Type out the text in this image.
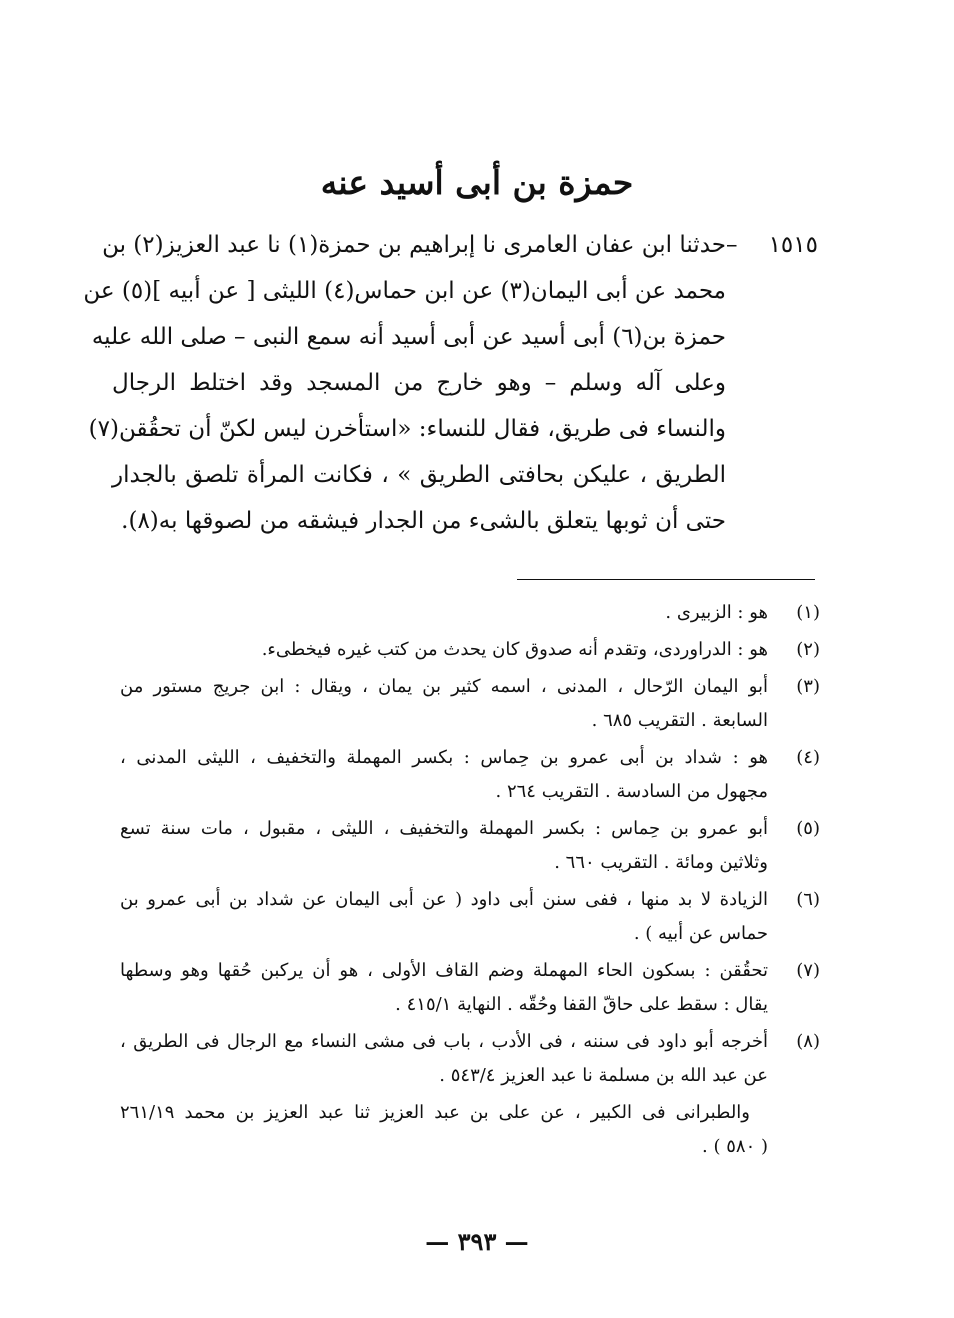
حمزة بن أبى أسيد عنه
١٥١٥ –حدثنا ابن عفان العامرى نا إبراهيم بن حمزة(١) نا عبد العزيز(٢) بن
محمد عن أبى اليمان(٣) عن ابن حماس(٤) الليثى [ عن أبيه ](٥) عن
حمزة بن(٦) أبى أسيد عن أبى أسيد أنه سمع النبى – صلى الله عليه
وعلى آله وسلم – وهو خارج من المسجد وقد اختلط الرجال
والنساء فى طريق، فقال للنساء: «استأخرن ليس لكنّ أن تحقُقن(٧)
الطريق ، عليكن بحافتى الطريق » ، فكانت المرأة تلصق بالجدار
حتى أن ثوبها يتعلق بالشىء من الجدار فيشقه من لصوقها به(٨).
(١)
هو : الزبيرى .
(٢)
هو : الدراوردى، وتقدم أنه صدوق كان يحدث من كتب غيره فيخطىء.
(٣)
أبو اليمان الرّحال ، المدنى ، اسمه كثير بن يمان ، ويقال : ابن جريج مستور من
السابعة . التقريب ٦٨٥ .
(٤)
هو : شداد بن أبى عمرو بن حِماس : بكسر المهملة والتخفيف ، الليثى المدنى ،
مجهول من السادسة . التقريب ٢٦٤ .
(٥)
أبو عمرو بن حِماس : بكسر المهملة والتخفيف ، الليثى ، مقبول ، مات سنة تسع
وثلاثين ومائة . التقريب ٦٦٠ .
(٦)
الزيادة لا بد منها ، ففى سنن أبى داود ( عن أبى اليمان عن شداد بن أبى عمرو بن
حماس عن أبيه ) .
(٧)
تحقُقن : بسكون الحاء المهملة وضم القاف الأولى ، هو أن يركبن حُقها وهو وسطها
يقال : سقط على حاقّ القفا وحُقّه . النهاية ٤١٥/١ .
(٨)
أخرجه أبو داود فى سننه ، فى الأدب ، باب فى مشى النساء مع الرجال فى الطريق ،
عن عبد الله بن مسلمة نا عبد العزيز ٥٤٣/٤ .
والطبرانى فى الكبير ، عن على بن عبد العزيز ثنا عبد العزيز بن محمد ٢٦١/١٩
( ٥٨٠ ) .
— ٣٩٣ —
